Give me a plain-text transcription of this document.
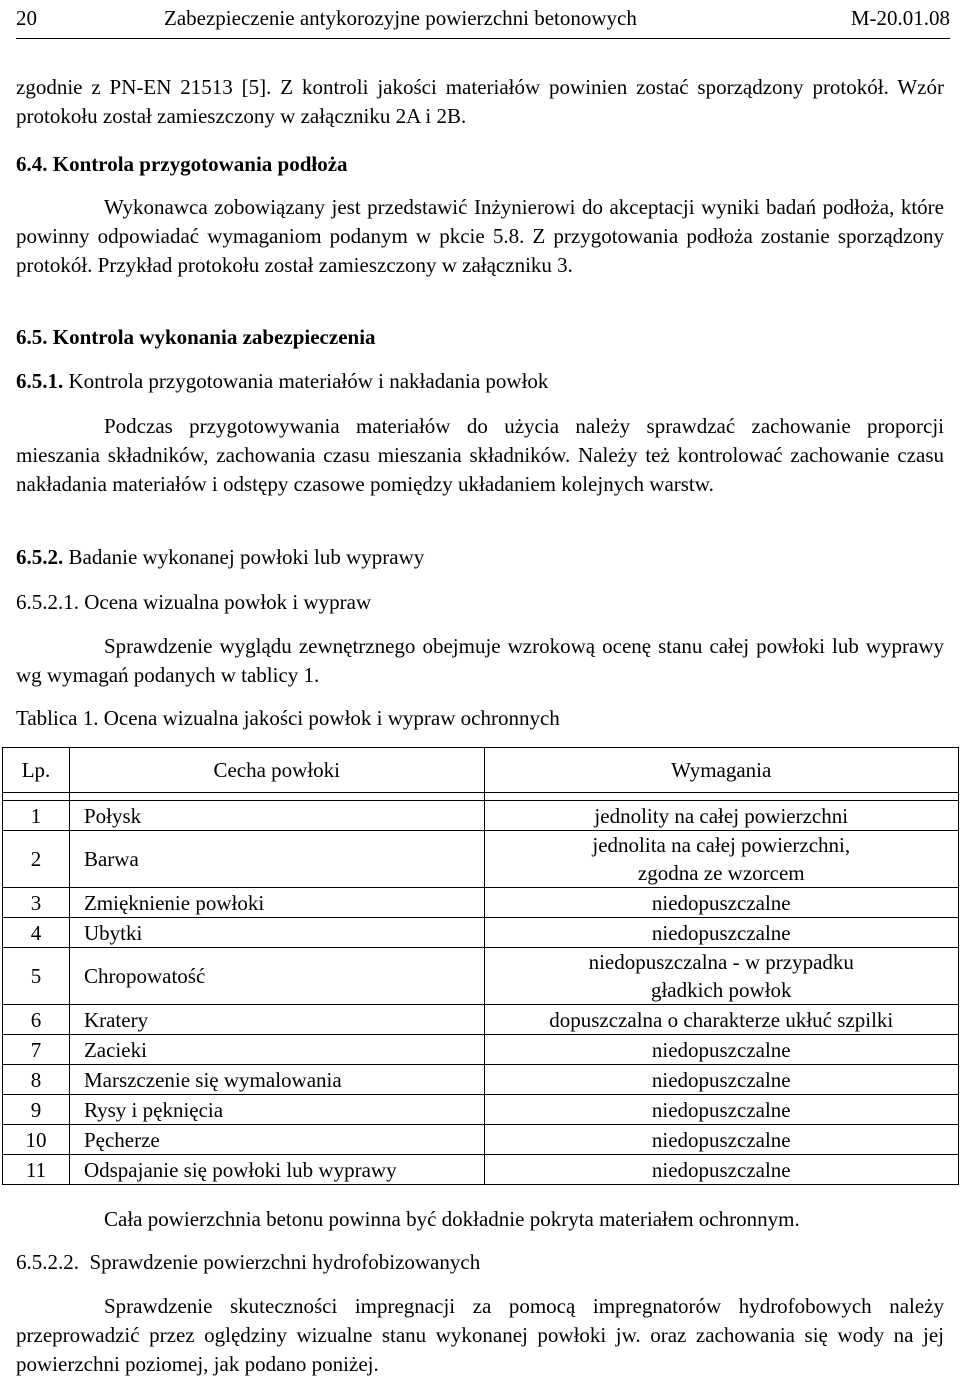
20	Zabezpieczenie antykorozyjne powierzchni betonowych	M-20.01.08
zgodnie z PN-EN 21513 [5]. Z kontroli jakości materiałów powinien zostać sporządzony protokół. Wzór protokołu został zamieszczony w załączniku 2A i 2B.
6.4. Kontrola przygotowania podłoża
Wykonawca zobowiązany jest przedstawić Inżynierowi do akceptacji wyniki badań podłoża, które powinny odpowiadać wymaganiom podanym w pkcie 5.8. Z przygotowania podłoża zostanie sporządzony protokół. Przykład protokołu został zamieszczony w załączniku 3.
6.5. Kontrola wykonania zabezpieczenia
6.5.1. Kontrola przygotowania materiałów i nakładania powłok
Podczas przygotowywania materiałów do użycia należy sprawdzać zachowanie proporcji mieszania składników, zachowania czasu mieszania składników. Należy też kontrolować zachowanie czasu nakładania materiałów i odstępy czasowe pomiędzy układaniem kolejnych warstw.
6.5.2. Badanie wykonanej powłoki lub wyprawy
6.5.2.1. Ocena wizualna powłok i wypraw
Sprawdzenie wyglądu zewnętrznego obejmuje wzrokową ocenę stanu całej powłoki lub wyprawy wg wymagań podanych w tablicy 1.
Tablica 1. Ocena wizualna jakości powłok i wypraw ochronnych
Lp.	Cecha powłoki	Wymagania

1	Połysk	jednolity na całej powierzchni

2	Barwa	jednolita na całej powierzchni,
zgodna ze wzorcem

3	Zmięknienie powłoki	niedopuszczalne

4	Ubytki	niedopuszczalne

5	Chropowatość	niedopuszczalna - w przypadku
gładkich powłok

6	Kratery	dopuszczalna o charakterze ukłuć szpilki

7	Zacieki	niedopuszczalne

8	Marszczenie się wymalowania	niedopuszczalne

9	Rysy i pęknięcia	niedopuszczalne

10	Pęcherze	niedopuszczalne

11	Odspajanie się powłoki lub wyprawy	niedopuszczalne
Cała powierzchnia betonu powinna być dokładnie pokryta materiałem ochronnym.
6.5.2.2.  Sprawdzenie powierzchni hydrofobizowanych
Sprawdzenie skuteczności impregnacji za pomocą impregnatorów hydrofobowych należy przeprowadzić przez oględziny wizualne stanu wykonanej powłoki jw. oraz zachowania się wody na jej powierzchni poziomej, jak podano poniżej.
